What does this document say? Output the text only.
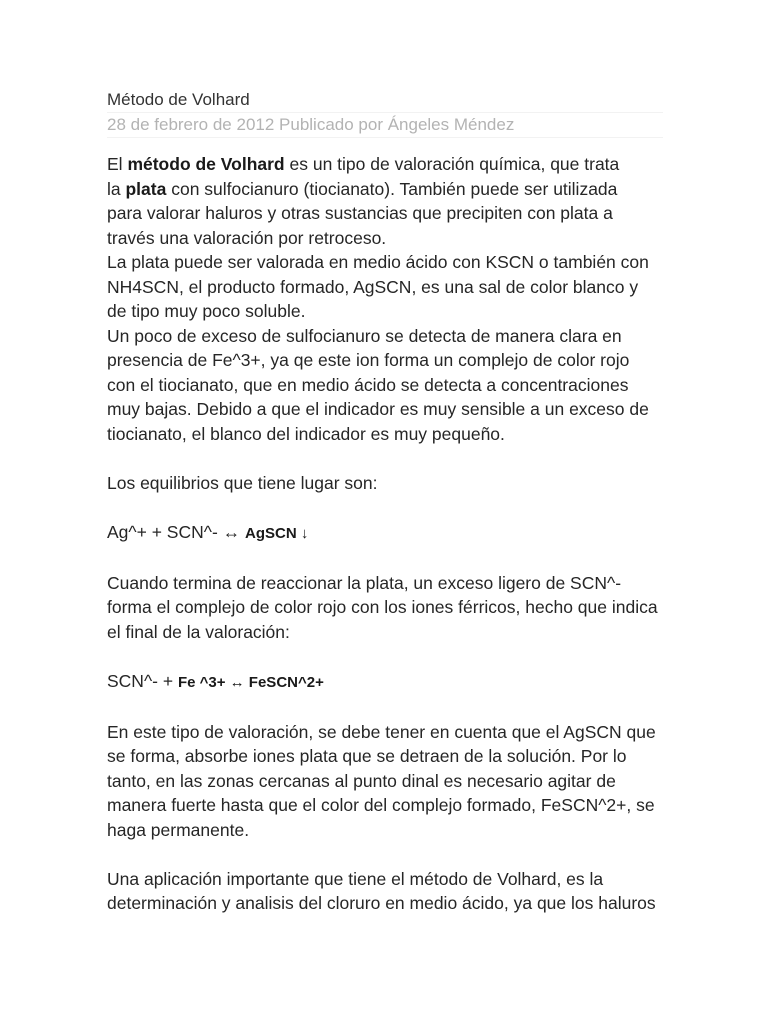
Método de Volhard
28 de febrero de 2012 Publicado por Ángeles Méndez

El método de Volhard es un tipo de valoración química, que trata

la plata con sulfocianuro (tiocianato). También puede ser utilizada

para valorar haluros y otras sustancias que precipiten con plata a

través una valoración por retroceso.

La plata puede ser valorada en medio ácido con KSCN o también con

NH4SCN, el producto formado, AgSCN, es una sal de color blanco y

de tipo muy poco soluble.

Un poco de exceso de sulfocianuro se detecta de manera clara en

presencia de Fe^3+, ya qe este ion forma un complejo de color rojo

con el tiocianato, que en medio ácido se detecta a concentraciones

muy bajas. Debido a que el indicador es muy sensible a un exceso de

tiocianato, el blanco del indicador es muy pequeño.

Los equilibrios que tiene lugar son:

Ag^+ + SCN^- ↔ AgSCN ↓

Cuando termina de reaccionar la plata, un exceso ligero de SCN^-

forma el complejo de color rojo con los iones férricos, hecho que indica

el final de la valoración:

SCN^- + Fe ^3+ ↔ FeSCN^2+

En este tipo de valoración, se debe tener en cuenta que el AgSCN que

se forma, absorbe iones plata que se detraen de la solución. Por lo

tanto, en las zonas cercanas al punto dinal es necesario agitar de

manera fuerte hasta que el color del complejo formado, FeSCN^2+, se

haga permanente.

Una aplicación importante que tiene el método de Volhard, es la

determinación y analisis del cloruro en medio ácido, ya que los haluros
